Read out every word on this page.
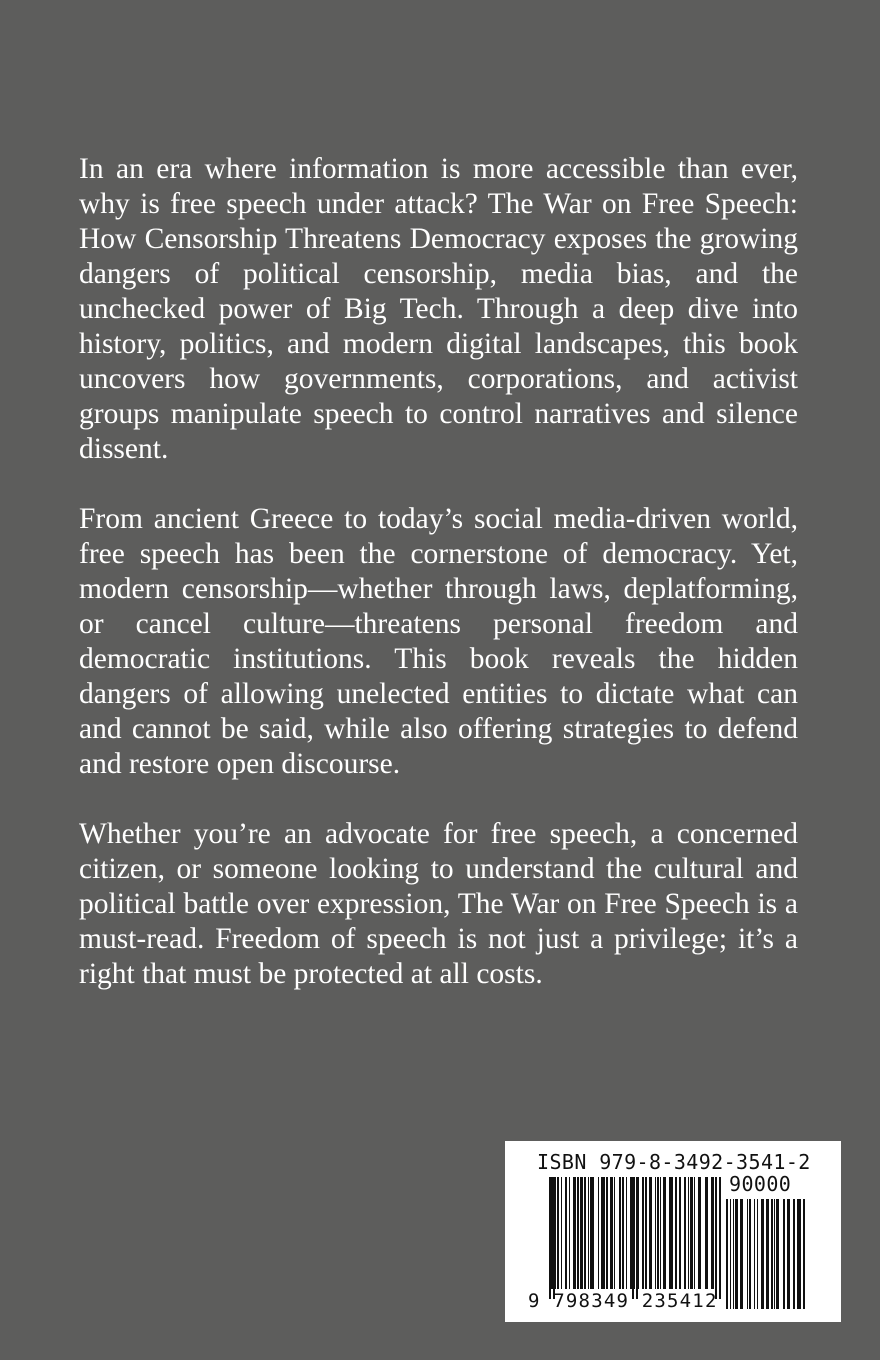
In an era where information is more accessible than ever, why is free speech under attack? The War on Free Speech: How Censorship Threatens Democracy exposes the growing dangers of political censorship, media bias, and the unchecked power of Big Tech. Through a deep dive into history, politics, and modern digital landscapes, this book uncovers how governments, corporations, and activist groups manipulate speech to control narratives and silence dissent.

From ancient Greece to today’s social media-driven world, free speech has been the cornerstone of democracy. Yet, modern censorship—whether through laws, deplatforming, or cancel culture—threatens personal freedom and democratic institutions. This book reveals the hidden dangers of allowing unelected entities to dictate what can and cannot be said, while also offering strategies to defend and restore open discourse.

Whether you’re an advocate for free speech, a concerned citizen, or someone looking to understand the cultural and political battle over expression, The War on Free Speech is a must-read. Freedom of speech is not just a privilege; it’s a right that must be protected at all costs.

ISBN 979-8-3492-3541-2
90000
9 798349 235412
